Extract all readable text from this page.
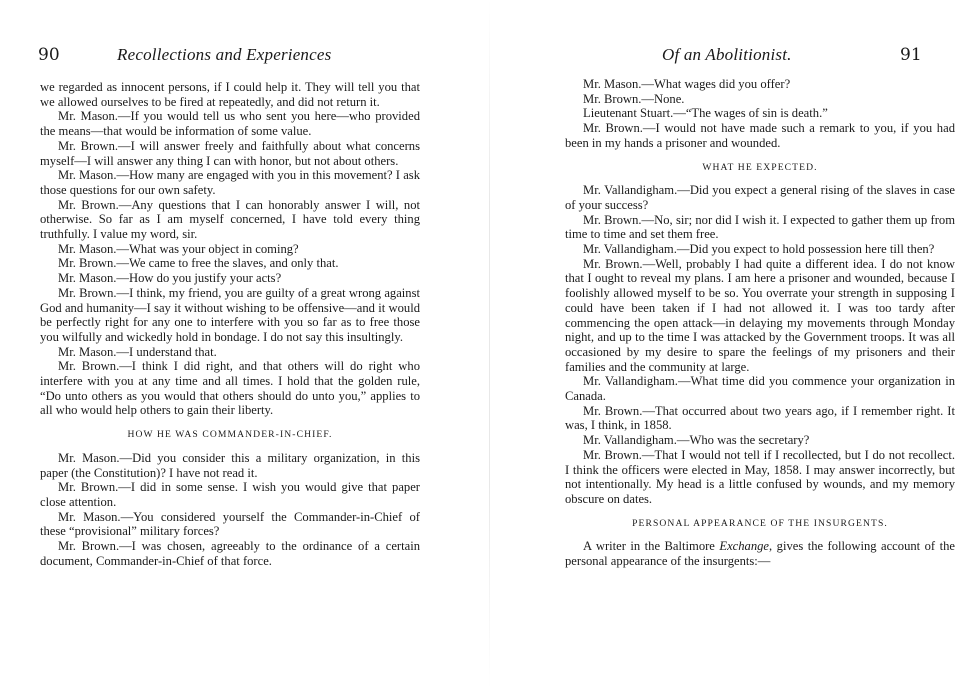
90	Recollections and Experiences

we regarded as innocent persons, if I could help it. They will tell you that we allowed ourselves to be fired at repeatedly, and did not return it.

Mr. Mason.—If you would tell us who sent you here—who provided the means—that would be information of some value.

Mr. Brown.—I will answer freely and faithfully about what concerns myself—I will answer any thing I can with honor, but not about others.

Mr. Mason.—How many are engaged with you in this movement? I ask those questions for our own safety.

Mr. Brown.—Any questions that I can honorably answer I will, not otherwise. So far as I am myself concerned, I have told every thing truthfully. I value my word, sir.

Mr. Mason.—What was your object in coming?

Mr. Brown.—We came to free the slaves, and only that.

Mr. Mason.—How do you justify your acts?

Mr. Brown.—I think, my friend, you are guilty of a great wrong against God and humanity—I say it without wishing to be offensive—and it would be perfectly right for any one to interfere with you so far as to free those you wilfully and wickedly hold in bondage. I do not say this insultingly.

Mr. Mason.—I understand that.

Mr. Brown.—I think I did right, and that others will do right who interfere with you at any time and all times. I hold that the golden rule, “Do unto others as you would that others should do unto you,” applies to all who would help others to gain their liberty.

HOW HE WAS COMMANDER-IN-CHIEF.

Mr. Mason.—Did you consider this a military organization, in this paper (the Constitution)? I have not read it.

Mr. Brown.—I did in some sense. I wish you would give that paper close attention.

Mr. Mason.—You considered yourself the Commander-in-Chief of these “provisional” military forces?

Mr. Brown.—I was chosen, agreeably to the ordinance of a certain document, Commander-in-Chief of that force.

Of an Abolitionist.	91

Mr. Mason.—What wages did you offer?

Mr. Brown.—None.

Lieutenant Stuart.—“The wages of sin is death.”

Mr. Brown.—I would not have made such a remark to you, if you had been in my hands a prisoner and wounded.

WHAT HE EXPECTED.

Mr. Vallandigham.—Did you expect a general rising of the slaves in case of your success?

Mr. Brown.—No, sir; nor did I wish it. I expected to gather them up from time to time and set them free.

Mr. Vallandigham.—Did you expect to hold possession here till then?

Mr. Brown.—Well, probably I had quite a different idea. I do not know that I ought to reveal my plans. I am here a prisoner and wounded, because I foolishly allowed myself to be so. You overrate your strength in supposing I could have been taken if I had not allowed it. I was too tardy after commencing the open attack—in delaying my movements through Monday night, and up to the time I was attacked by the Government troops. It was all occasioned by my desire to spare the feelings of my prisoners and their families and the community at large.

Mr. Vallandigham.—What time did you commence your organization in Canada.

Mr. Brown.—That occurred about two years ago, if I remember right. It was, I think, in 1858.

Mr. Vallandigham.—Who was the secretary?

Mr. Brown.—That I would not tell if I recollected, but I do not recollect. I think the officers were elected in May, 1858. I may answer incorrectly, but not intentionally. My head is a little confused by wounds, and my memory obscure on dates.

PERSONAL APPEARANCE OF THE INSURGENTS.

A writer in the Baltimore Exchange, gives the following account of the personal appearance of the insurgents:—
